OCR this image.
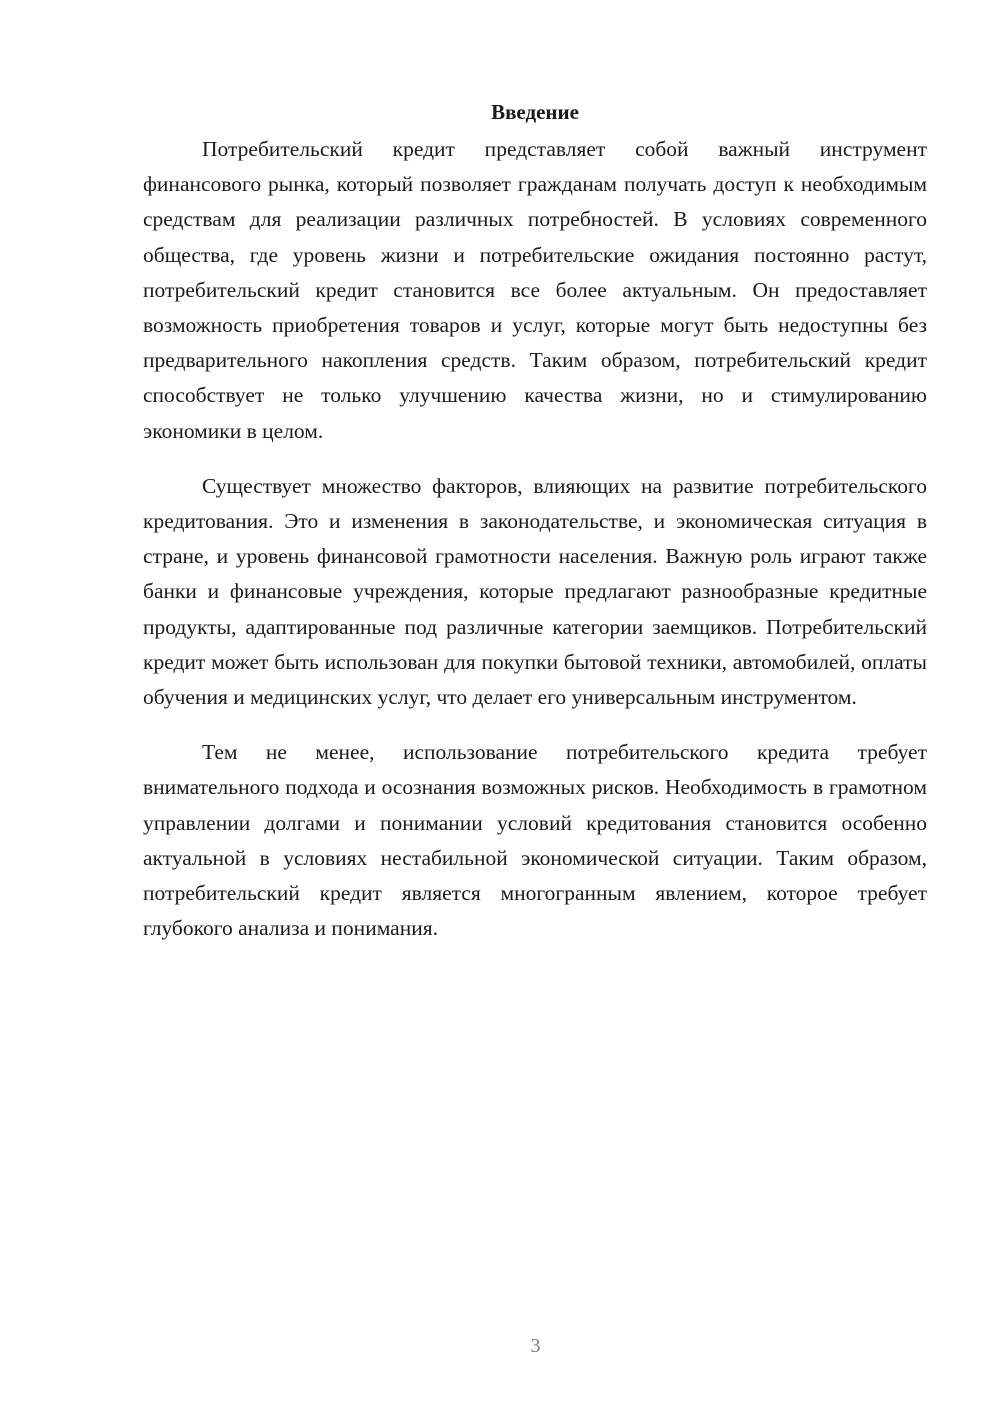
Введение

Потребительский кредит представляет собой важный инструмент финансового рынка, который позволяет гражданам получать доступ к необходимым средствам для реализации различных потребностей. В условиях современного общества, где уровень жизни и потребительские ожидания постоянно растут, потребительский кредит становится все более актуальным. Он предоставляет возможность приобретения товаров и услуг, которые могут быть недоступны без предварительного накопления средств. Таким образом, потребительский кредит способствует не только улучшению качества жизни, но и стимулированию экономики в целом.

Существует множество факторов, влияющих на развитие потребительского кредитования. Это и изменения в законодательстве, и экономическая ситуация в стране, и уровень финансовой грамотности населения. Важную роль играют также банки и финансовые учреждения, которые предлагают разнообразные кредитные продукты, адаптированные под различные категории заемщиков. Потребительский кредит может быть использован для покупки бытовой техники, автомобилей, оплаты обучения и медицинских услуг, что делает его универсальным инструментом.

Тем не менее, использование потребительского кредита требует внимательного подхода и осознания возможных рисков. Необходимость в грамотном управлении долгами и понимании условий кредитования становится особенно актуальной в условиях нестабильной экономической ситуации. Таким образом, потребительский кредит является многогранным явлением, которое требует глубокого анализа и понимания.

3
